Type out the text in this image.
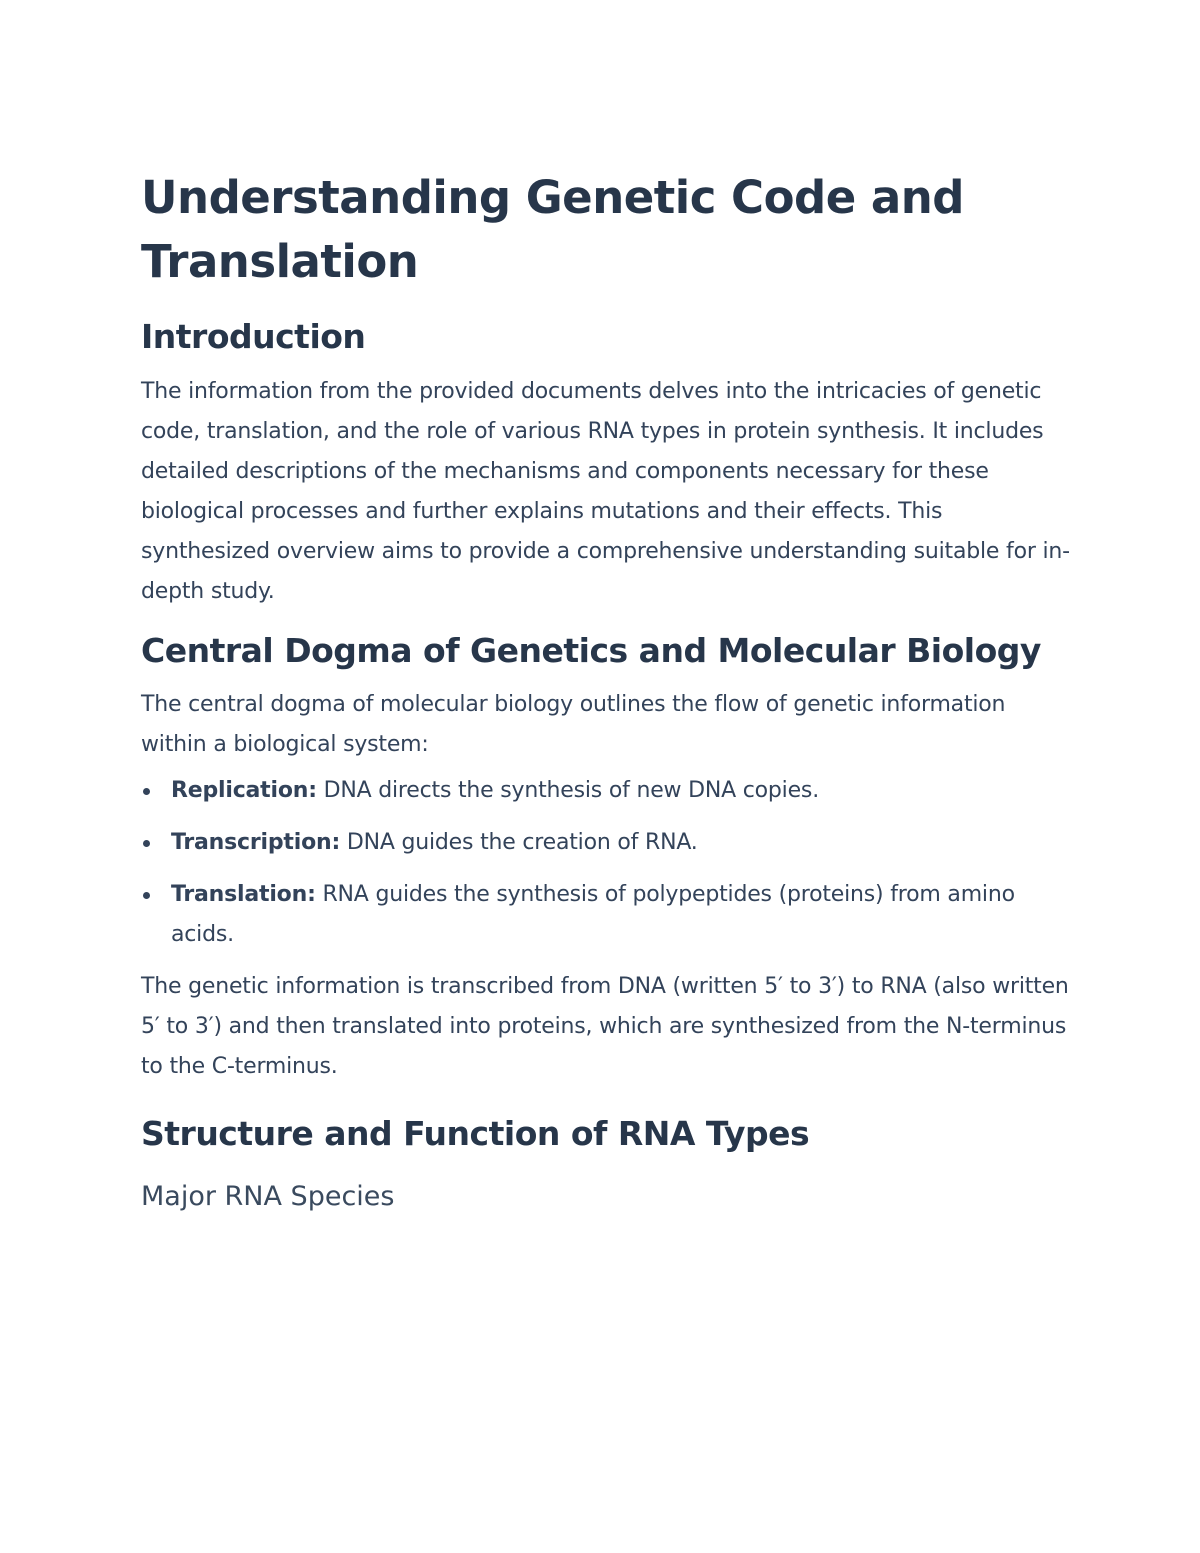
Understanding Genetic Code and Translation
Introduction

The information from the provided documents delves into the intricacies of genetic code, translation, and the role of various RNA types in protein synthesis. It includes detailed descriptions of the mechanisms and components necessary for these biological processes and further explains mutations and their effects. This synthesized overview aims to provide a comprehensive understanding suitable for in-depth study.

Central Dogma of Genetics and Molecular Biology

The central dogma of molecular biology outlines the flow of genetic information within a biological system:

Replication: DNA directs the synthesis of new DNA copies.
Transcription: DNA guides the creation of RNA.
Translation: RNA guides the synthesis of polypeptides (proteins) from amino acids.

The genetic information is transcribed from DNA (written 5′ to 3′) to RNA (also written 5′ to 3′) and then translated into proteins, which are synthesized from the N-terminus to the C-terminus.

Structure and Function of RNA Types
Major RNA Species
